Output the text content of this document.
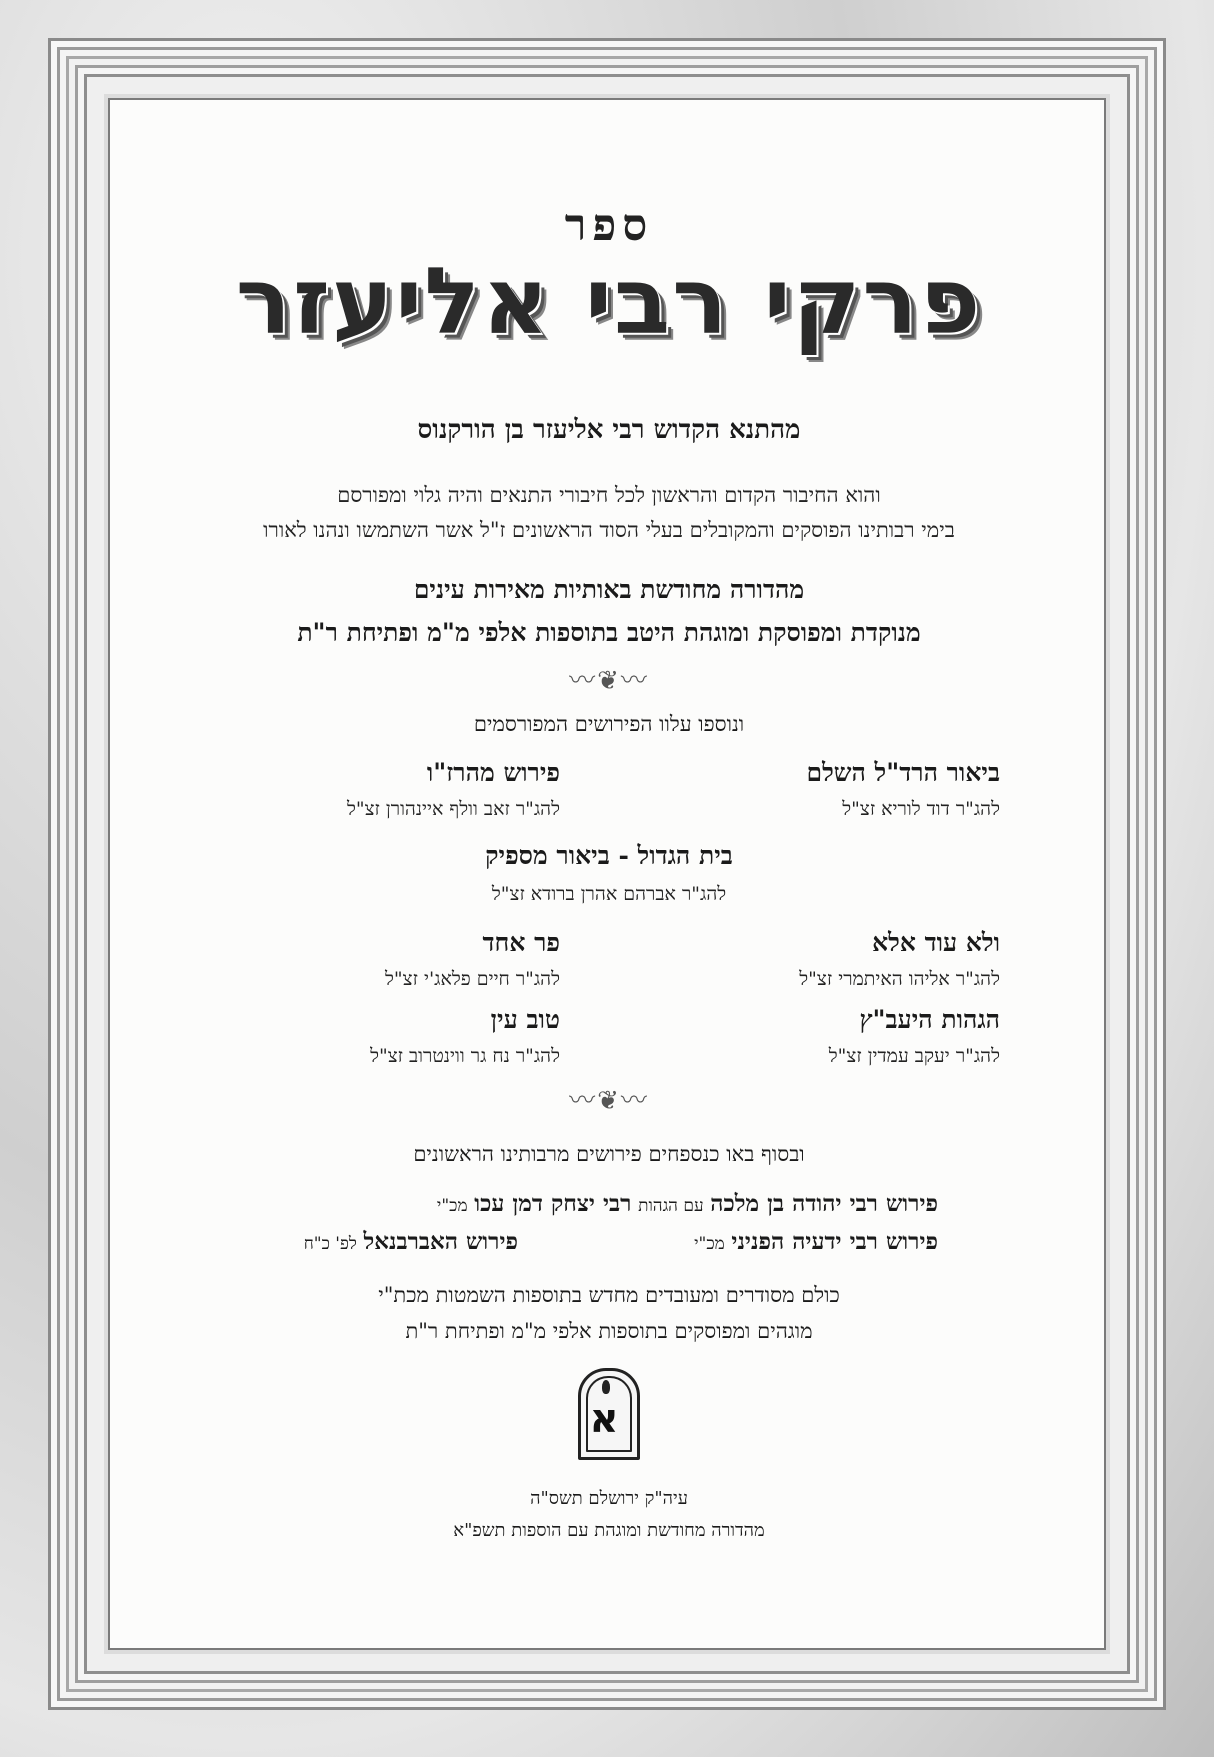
ספר
פרקי רבי אליעזר
מהתנא הקדוש רבי אליעזר בן הורקנוס
והוא החיבור הקדום והראשון לכל חיבורי התנאים והיה גלוי ומפורסם
בימי רבותינו הפוסקים והמקובלים בעלי הסוד הראשונים ז"ל אשר השתמשו ונהנו לאורו
מהדורה מחודשת באותיות מאירות עינים
מנוקדת ומפוסקת ומוגהת היטב בתוספות אלפי מ"מ ופתיחת ר"ת
〰❦〰
ונוספו עלוו הפירושים המפורסמים
ביאור הרד"ל השלם
להג"ר דוד לוריא זצ"ל
פירוש מהרז"ו
להג"ר זאב וולף איינהורן זצ"ל
בית הגדול - ביאור מספיק
להג"ר אברהם אהרן ברודא זצ"ל
ולא עוד אלא
להג"ר אליהו האיתמרי זצ"ל
פר אחד
להג"ר חיים פלאג'י זצ"ל
הגהות היעב"ץ
להג"ר יעקב עמדין זצ"ל
טוב עין
להג"ר נח גר ווינטרוב זצ"ל
〰❦〰
ובסוף באו כנספחים פירושים מרבותינו הראשונים
פירוש רבי יהודה בן מלכה עם הגהות רבי יצחק דמן עכו מכ"י
פירוש רבי ידעיה הפניני מכ"י
פירוש האברבנאל לפ' כ"ח
כולם מסודרים ומעובדים מחדש בתוספות השמטות מכת"י
מוגהים ומפוסקים בתוספות אלפי מ"מ ופתיחת ר"ת
א
עיה"ק ירושלם תשס"ה
מהדורה מחודשת ומוגהת עם הוספות תשפ"א
